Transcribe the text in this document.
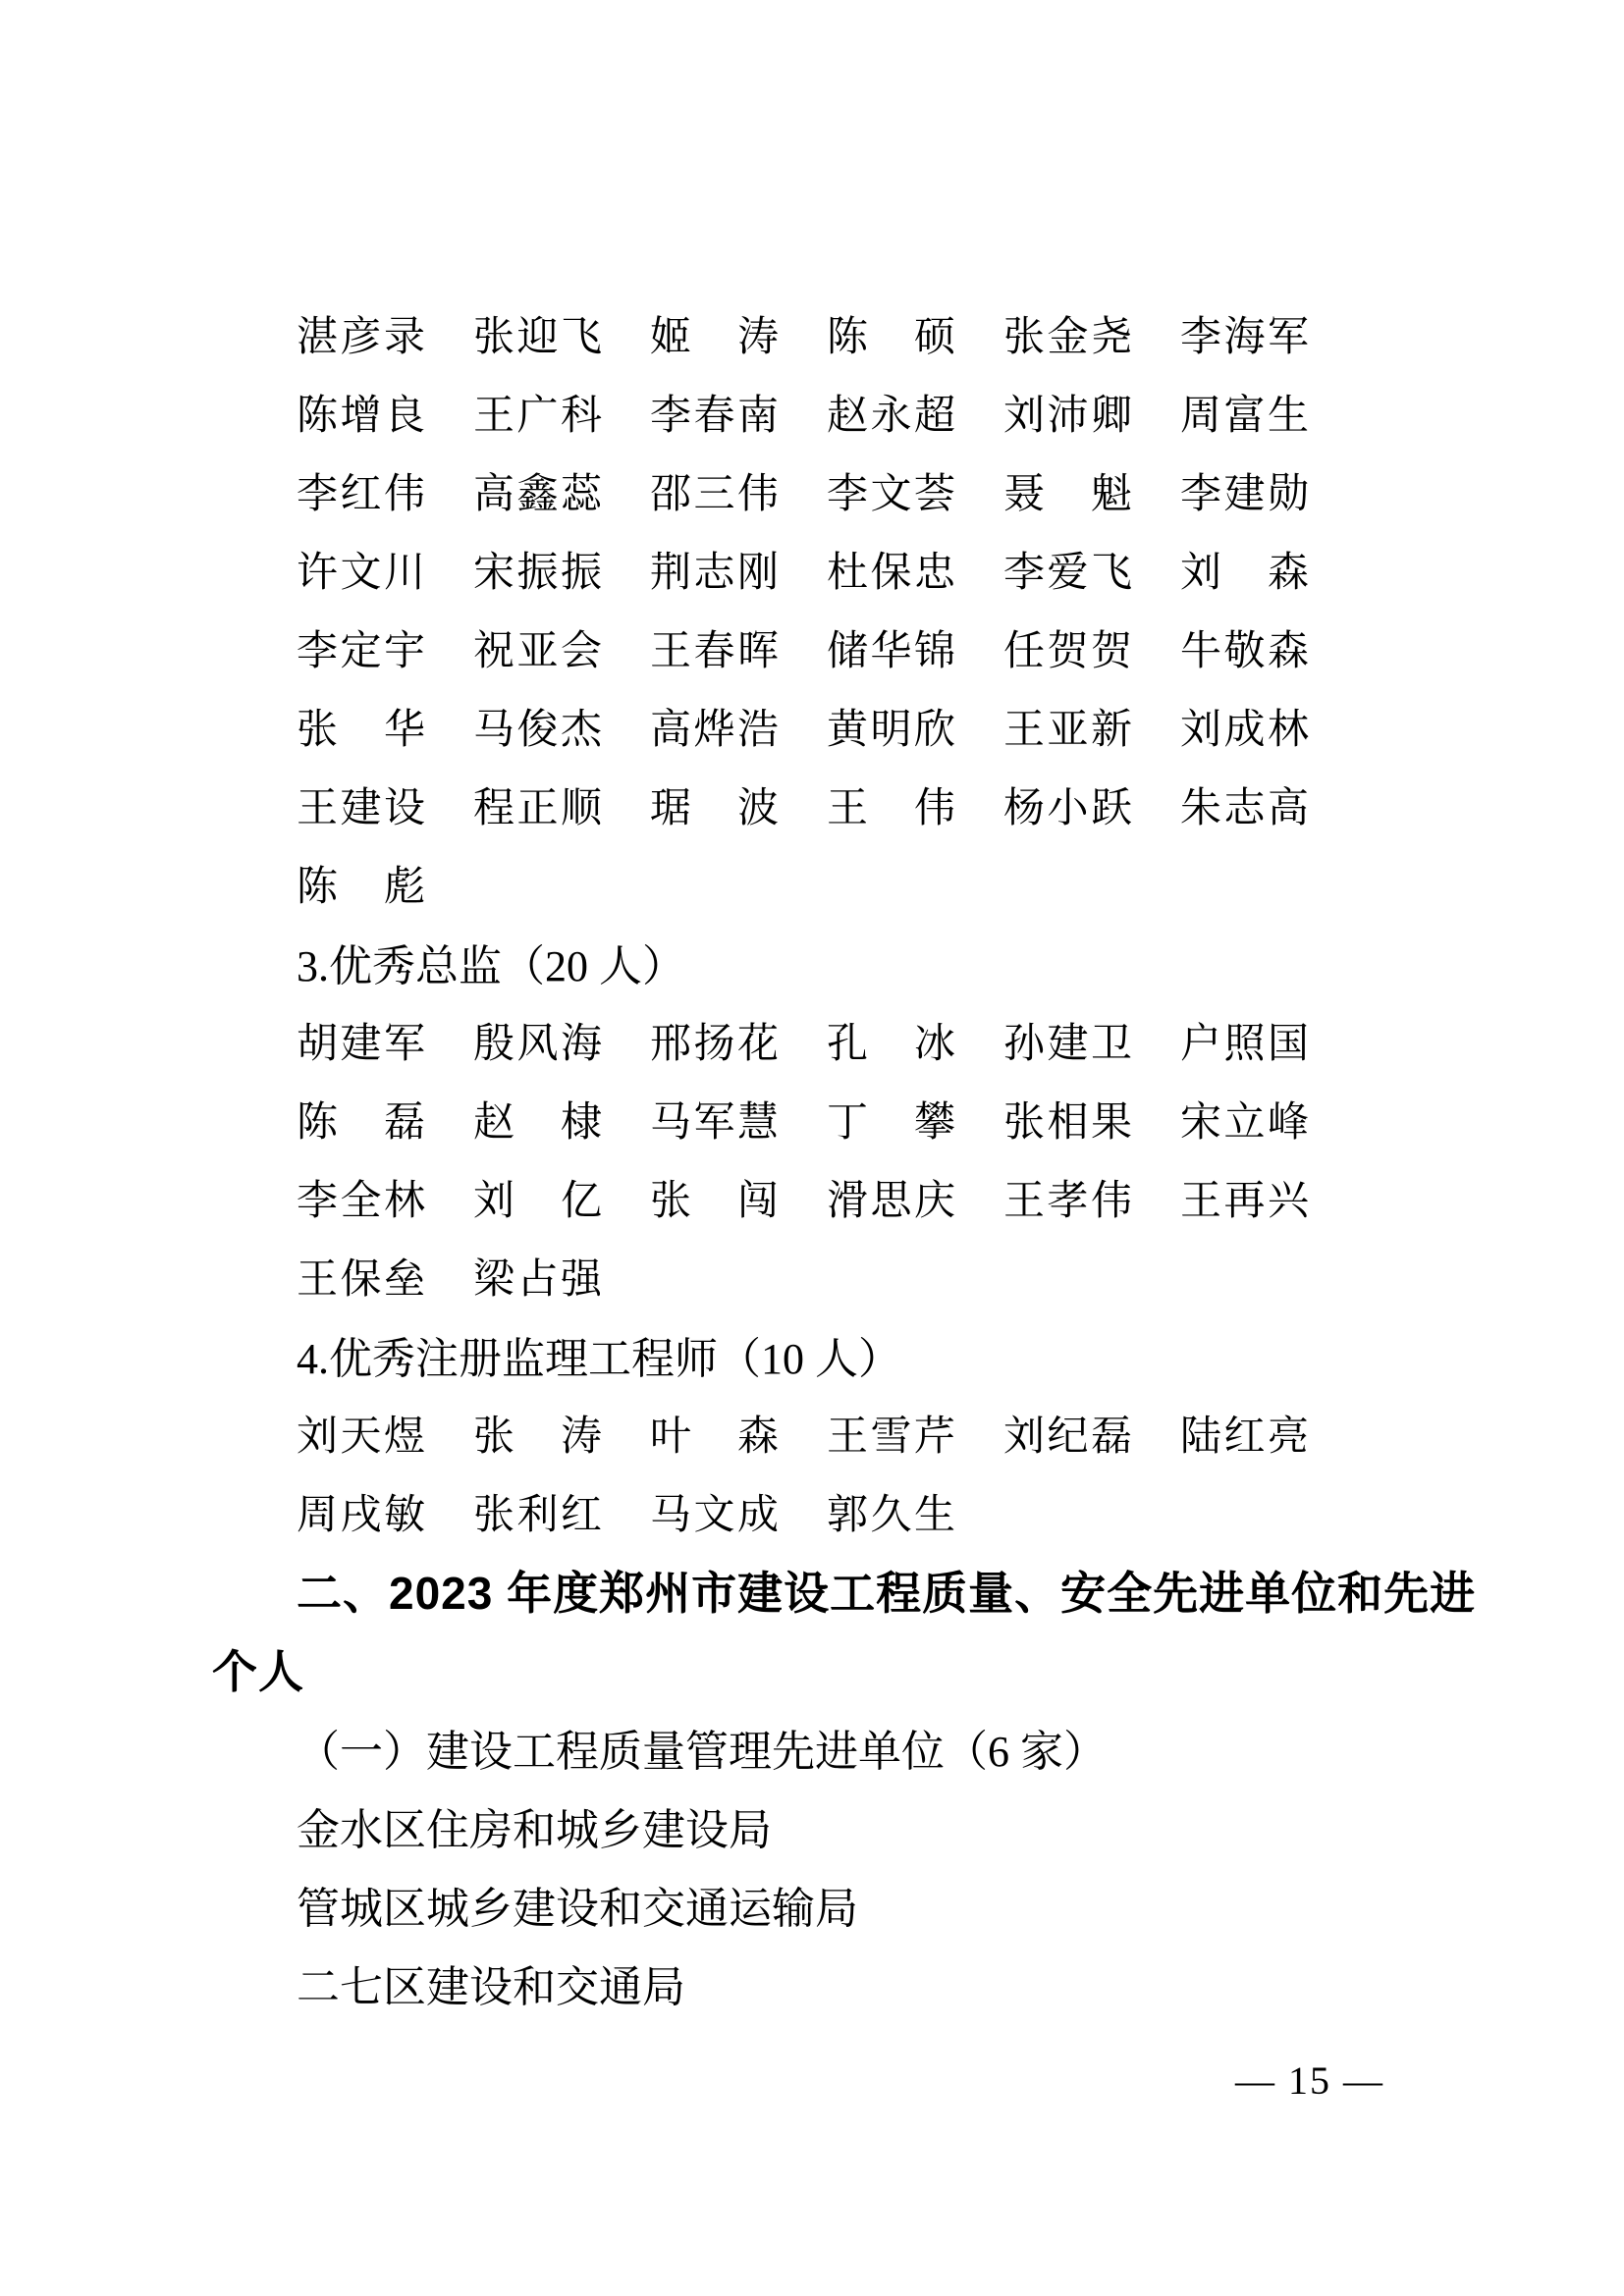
湛彦录 张迎飞 姬　涛 陈　硕 张金尧 李海军
陈增良 王广科 李春南 赵永超 刘沛卿 周富生
李红伟 高鑫蕊 邵三伟 李文荟 聂　魁 李建勋
许文川 宋振振 荆志刚 杜保忠 李爱飞 刘　森
李定宇 祝亚会 王春晖 储华锦 任贺贺 牛敬森
张　华 马俊杰 高烨浩 黄明欣 王亚新 刘成林
王建设 程正顺 琚　波 王　伟 杨小跃 朱志高
陈　彪
3.优秀总监（20 人）
胡建军 殷风海 邢扬花 孔　冰 孙建卫 户照国
陈　磊 赵　棣 马军慧 丁　攀 张相果 宋立峰
李全林 刘　亿 张　闯 滑思庆 王孝伟 王再兴
王保垒 梁占强
4.优秀注册监理工程师（10 人）
刘天煜 张　涛 叶　森 王雪芹 刘纪磊 陆红亮
周戌敏 张利红 马文成 郭久生
二、2023 年度郑州市建设工程质量、安全先进单位和先进
个人
（一）建设工程质量管理先进单位（6 家）
金水区住房和城乡建设局
管城区城乡建设和交通运输局
二七区建设和交通局
— 15 —
